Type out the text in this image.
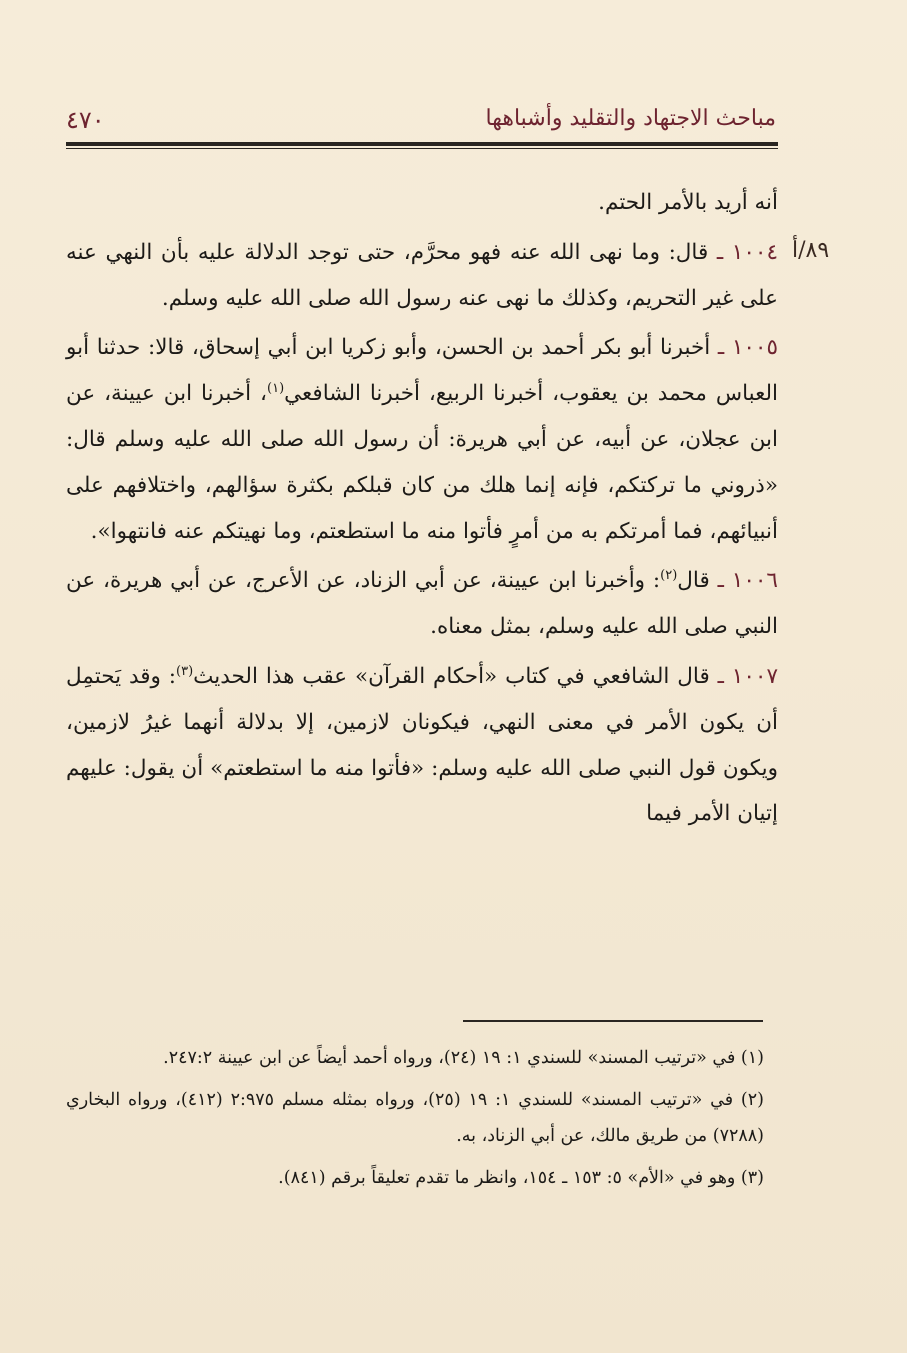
مباحث الاجتهاد والتقليد وأشباهها
٤٧٠
٨٩/أ

أنه أريد بالأمر الحتم.

١٠٠٤ ـ قال: وما نهى الله عنه فهو محرَّم، حتى توجد الدلالة عليه بأن النهي عنه على غير التحريم، وكذلك ما نهى عنه رسول الله صلى الله عليه وسلم.

١٠٠٥ ـ أخبرنا أبو بكر أحمد بن الحسن، وأبو زكريا ابن أبي إسحاق، قالا: حدثنا أبو العباس محمد بن يعقوب، أخبرنا الربيع، أخبرنا الشافعي$^{(١)}$، أخبرنا ابن عيينة، عن ابن عجلان، عن أبيه، عن أبي هريرة: أن رسول الله صلى الله عليه وسلم قال: «ذروني ما تركتكم، فإنه إنما هلك من كان قبلكم بكثرة سؤالهم، واختلافهم على أنبيائهم، فما أمرتكم به من أمرٍ فأتوا منه ما استطعتم، وما نهيتكم عنه فانتهوا».

١٠٠٦ ـ قال$^{(٢)}$: وأخبرنا ابن عيينة، عن أبي الزناد، عن الأعرج، عن أبي هريرة، عن النبي صلى الله عليه وسلم، بمثل معناه.

١٠٠٧ ـ قال الشافعي في كتاب «أحكام القرآن» عقب هذا الحديث$^{(٣)}$: وقد يَحتمِل أن يكون الأمر في معنى النهي، فيكونان لازمين، إلا بدلالة أنهما غيرُ لازمين، ويكون قول النبي صلى الله عليه وسلم: «فأتوا منه ما استطعتم» أن يقول: عليهم إتيان الأمر فيما

(١) في «ترتيب المسند» للسندي ١: ١٩ (٢٤)، ورواه أحمد أيضاً عن ابن عيينة ٢٤٧:٢.

(٢) في «ترتيب المسند» للسندي ١: ١٩ (٢٥)، ورواه بمثله مسلم ٢:٩٧٥ (٤١٢)، ورواه البخاري (٧٢٨٨) من طريق مالك، عن أبي الزناد، به.

(٣) وهو في «الأم» ٥: ١٥٣ ـ ١٥٤، وانظر ما تقدم تعليقاً برقم (٨٤١).
